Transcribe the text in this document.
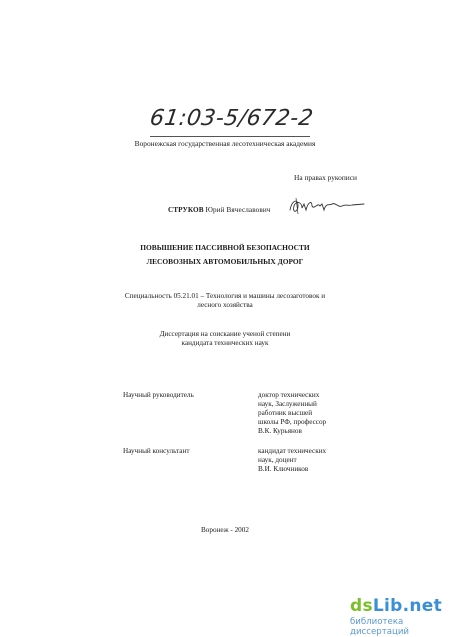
61:03-5/672-2
Воронежская государственная лесотехническая академия
На правах рукописи
СТРУКОВ Юрий Вячеславович
ПОВЫШЕНИЕ ПАССИВНОЙ БЕЗОПАСНОСТИ
ЛЕСОВОЗНЫХ АВТОМОБИЛЬНЫХ ДОРОГ
Специальность 05.21.01 – Технология и машины лесозаготовок и
лесного хозяйства
Диссертация на соискание ученой степени
кандидата технических наук
Научный руководитель	доктор технических
наук, Заслуженный
работник высшей
школы РФ, профессор
В.К. Курьянов
Научный консультант	кандидат технических
наук, доцент
В.И. Ключников
Воронеж - 2002
dsLib.net
библиотека диссертаций
